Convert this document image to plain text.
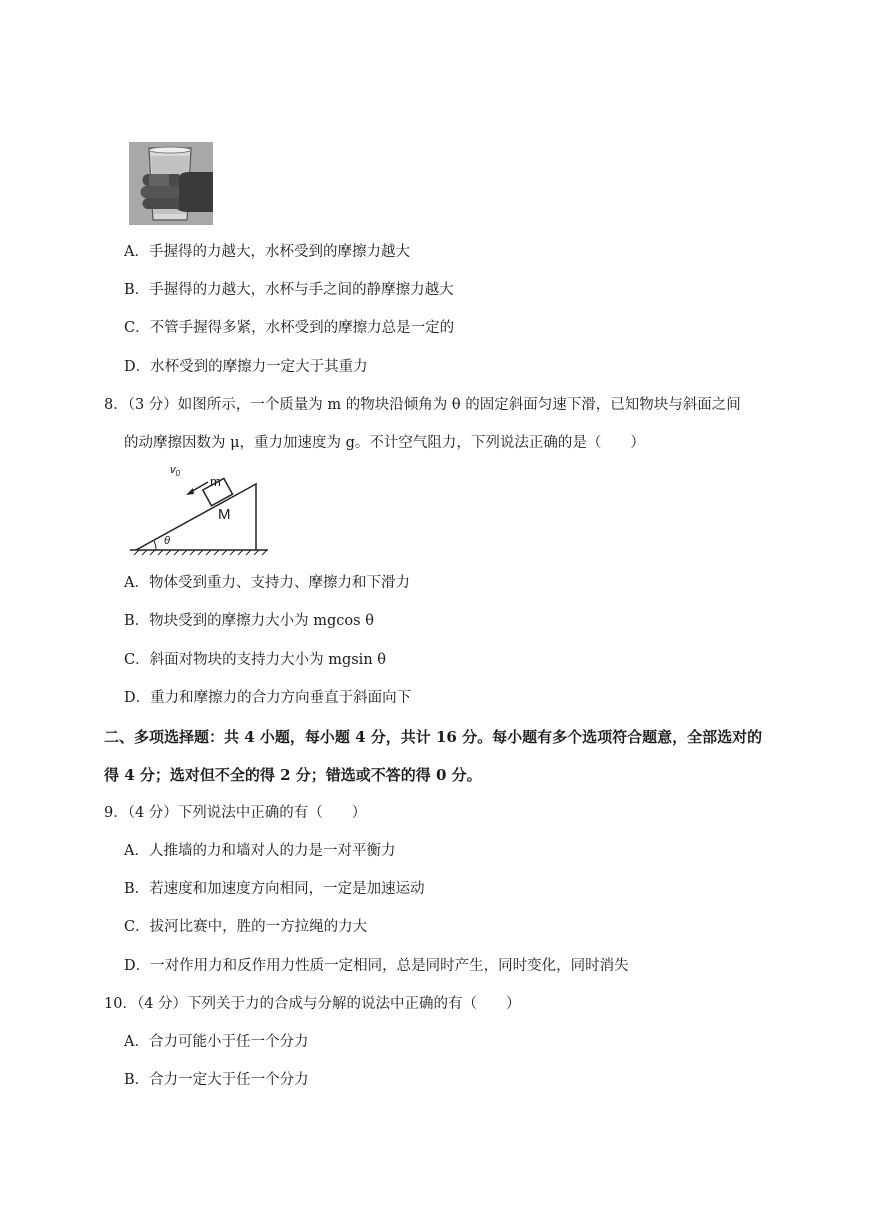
A．手握得的力越大，水杯受到的摩擦力越大
B．手握得的力越大，水杯与手之间的静摩擦力越大
C．不管手握得多紧，水杯受到的摩擦力总是一定的
D．水杯受到的摩擦力一定大于其重力
8．（3 分）如图所示，一个质量为 m 的物块沿倾角为 θ 的固定斜面匀速下滑，已知物块与斜面之间
的动摩擦因数为 μ，重力加速度为 g。不计空气阻力，下列说法正确的是（　　）
$v_0$
m
M
θ
A．物体受到重力、支持力、摩擦力和下滑力
B．物块受到的摩擦力大小为 mgcos θ
C．斜面对物块的支持力大小为 mgsin θ
D．重力和摩擦力的合力方向垂直于斜面向下
二、多项选择题：共 4 小题，每小题 4 分，共计 16 分。每小题有多个选项符合题意，全部选对的
得 4 分；选对但不全的得 2 分；错选或不答的得 0 分。
9．（4 分）下列说法中正确的有（　　）
A．人推墙的力和墙对人的力是一对平衡力
B．若速度和加速度方向相同，一定是加速运动
C．拔河比赛中，胜的一方拉绳的力大
D．一对作用力和反作用力性质一定相同，总是同时产生，同时变化，同时消失
10．（4 分）下列关于力的合成与分解的说法中正确的有（　　）
A．合力可能小于任一个分力
B．合力一定大于任一个分力
